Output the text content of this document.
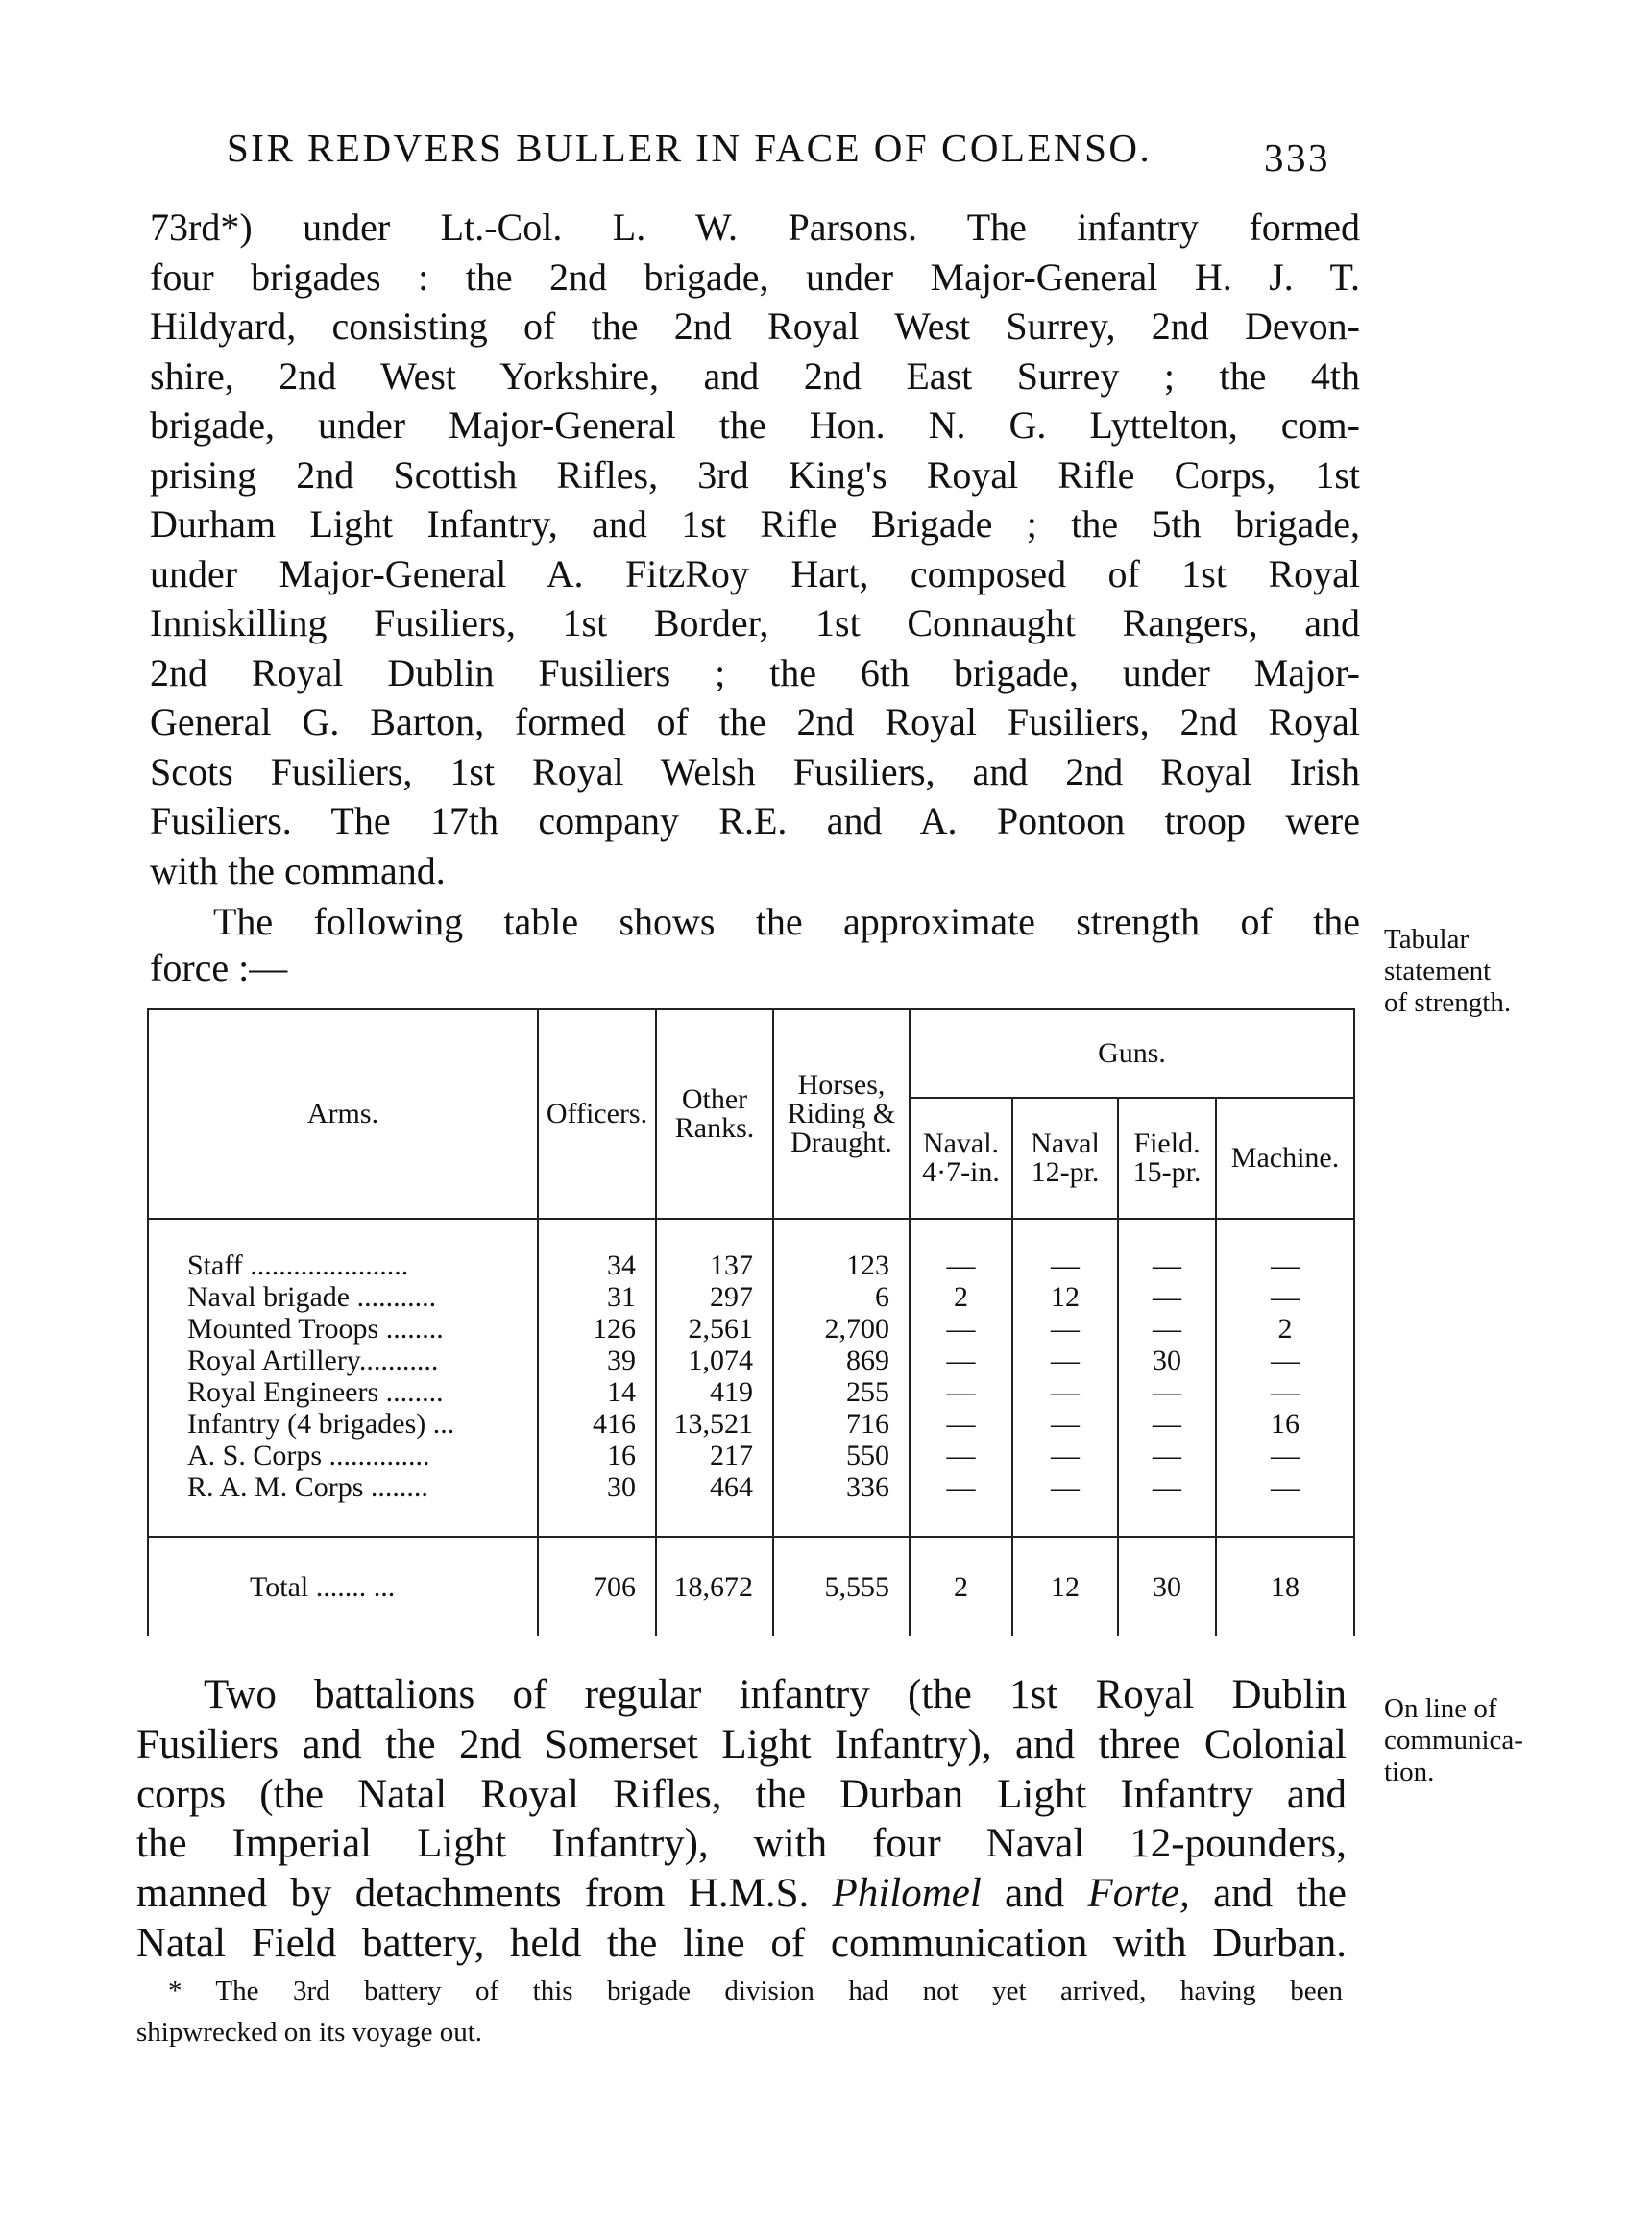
SIR REDVERS BULLER IN FACE OF COLENSO.	333
73rd*) under Lt.-Col. L. W. Parsons. The infantry formed
four brigades : the 2nd brigade, under Major-General H. J. T.
Hildyard, consisting of the 2nd Royal West Surrey, 2nd Devon-
shire, 2nd West Yorkshire, and 2nd East Surrey ; the 4th
brigade, under Major-General the Hon. N. G. Lyttelton, com-
prising 2nd Scottish Rifles, 3rd King's Royal Rifle Corps, 1st
Durham Light Infantry, and 1st Rifle Brigade ; the 5th brigade,
under Major-General A. FitzRoy Hart, composed of 1st Royal
Inniskilling Fusiliers, 1st Border, 1st Connaught Rangers, and
2nd Royal Dublin Fusiliers ; the 6th brigade, under Major-
General G. Barton, formed of the 2nd Royal Fusiliers, 2nd Royal
Scots Fusiliers, 1st Royal Welsh Fusiliers, and 2nd Royal Irish
Fusiliers. The 17th company R.E. and A. Pontoon troop were
with the command.
The following table shows the approximate strength of the
force :—
Two battalions of regular infantry (the 1st Royal Dublin
Fusiliers and the 2nd Somerset Light Infantry), and three Colonial
corps (the Natal Royal Rifles, the Durban Light Infantry and
the Imperial Light Infantry), with four Naval 12-pounders,
Natal Field battery, held the line of communication with Durban.
manned by detachments from H.M.S. Philomel and Forte, and the
Tabular
statement
of strength.
On line of
communica-
tion.
Arms.	Officers.	Other Ranks.	Horses, Riding & Draught.	Guns.			
				Naval. 4·7-in.	Naval 12-pr.	Field. 15-pr.	Machine.

Staff ......................	34	137	123	—	—	—	—
Naval brigade ...........	31	297	6	2	12	—	—
Mounted Troops ........	126	2,561	2,700	—	—	—	2
Royal Artillery...........	39	1,074	869	—	—	30	—
Royal Engineers ........	14	419	255	—	—	—	—
Infantry (4 brigades) ...	416	13,521	716	—	—	—	16
A. S. Corps ..............	16	217	550	—	—	—	—
R. A. M. Corps ........	30	464	336	—	—	—	—

Total ....... ...	706	18,672	5,555	2	12	30	18
* The 3rd battery of this brigade division had not yet arrived, having been
shipwrecked on its voyage out.
